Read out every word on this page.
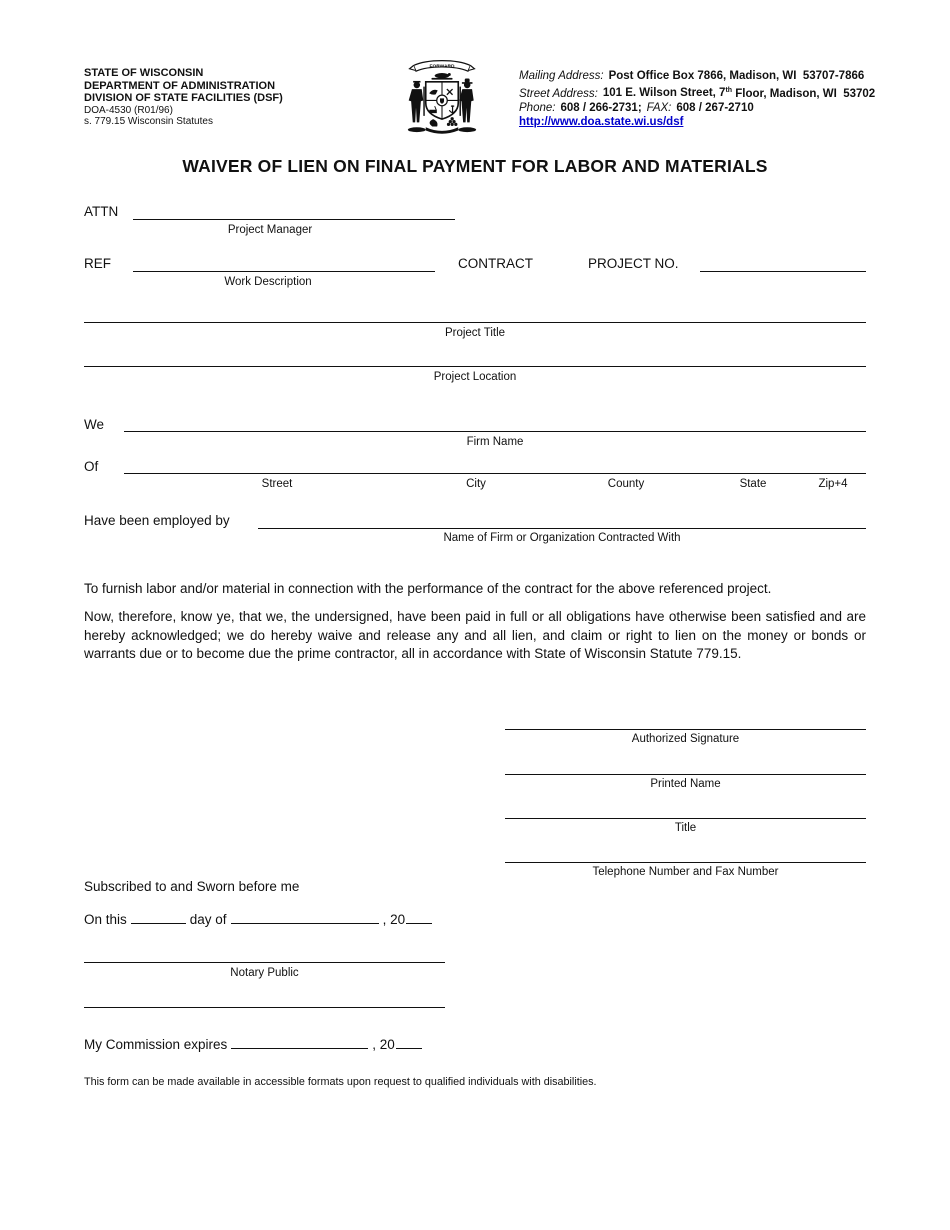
STATE OF WISCONSIN
DEPARTMENT OF ADMINISTRATION
DIVISION OF STATE FACILITIES (DSF)
DOA-4530 (R01/96)
s. 779.15 Wisconsin Statutes
FORWARD
Mailing Address: Post Office Box 7866, Madison, WI  53707-7866
Street Address: 101 E. Wilson Street, 7th Floor, Madison, WI  53702
Phone: 608 / 266-2731; FAX: 608 / 267-2710
http://www.doa.state.wi.us/dsf
WAIVER OF LIEN ON FINAL PAYMENT FOR LABOR AND MATERIALS
ATTN
Project Manager
REF
Work Description
CONTRACT	PROJECT NO.
Project Title
Project Location
We
Firm Name
Of
Street	City	County	State	Zip+4
Have been employed by
Name of Firm or Organization Contracted With
To furnish labor and/or material in connection with the performance of the contract for the above referenced project.
Now, therefore, know ye, that we, the undersigned, have been paid in full or all obligations have otherwise been satisfied and are hereby acknowledged; we do hereby waive and release any and all lien, and claim or right to lien on the money or bonds or warrants due or to become due the prime contractor, all in accordance with State of Wisconsin Statute 779.15.
Authorized Signature
Printed Name
Title
Telephone Number and Fax Number
Subscribed to and Sworn before me
On this	day of	, 20
Notary Public
My Commission expires	, 20
This form can be made available in accessible formats upon request to qualified individuals with disabilities.
